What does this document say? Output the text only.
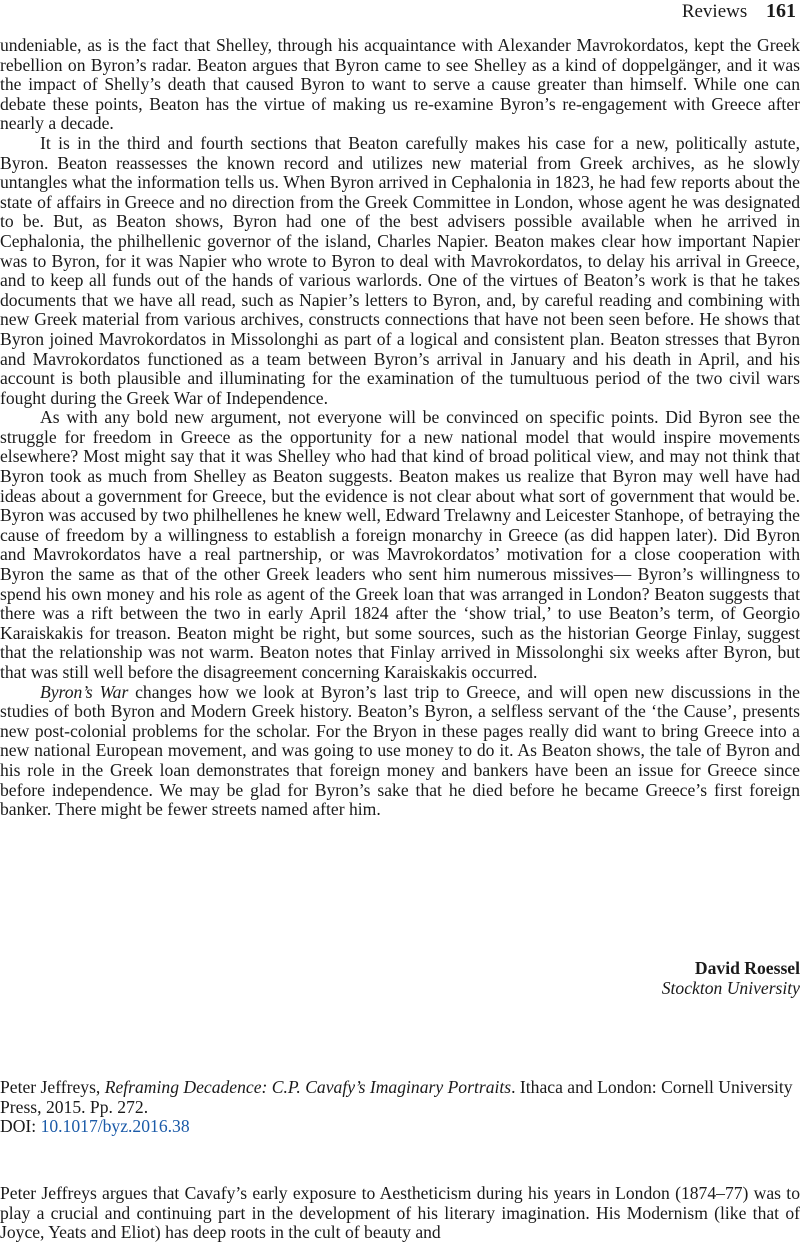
Reviews 161

undeniable, as is the fact that Shelley, through his acquaintance with Alexander Mavrokordatos, kept the Greek rebellion on Byron’s radar. Beaton argues that Byron came to see Shelley as a kind of doppelgänger, and it was the impact of Shelly’s death that caused Byron to want to serve a cause greater than himself. While one can debate these points, Beaton has the virtue of making us re-examine Byron’s re-engagement with Greece after nearly a decade.

It is in the third and fourth sections that Beaton carefully makes his case for a new, politically astute, Byron. Beaton reassesses the known record and utilizes new material from Greek archives, as he slowly untangles what the information tells us. When Byron arrived in Cephalonia in 1823, he had few reports about the state of affairs in Greece and no direction from the Greek Committee in London, whose agent he was designated to be. But, as Beaton shows, Byron had one of the best advisers possible available when he arrived in Cephalonia, the philhellenic governor of the island, Charles Napier. Beaton makes clear how important Napier was to Byron, for it was Napier who wrote to Byron to deal with Mavrokordatos, to delay his arrival in Greece, and to keep all funds out of the hands of various warlords. One of the virtues of Beaton’s work is that he takes documents that we have all read, such as Napier’s letters to Byron, and, by careful reading and combining with new Greek material from various archives, constructs connections that have not been seen before. He shows that Byron joined Mavrokordatos in Missolonghi as part of a logical and consistent plan. Beaton stresses that Byron and Mavrokordatos functioned as a team between Byron’s arrival in January and his death in April, and his account is both plausible and illuminating for the examination of the tumultuous period of the two civil wars fought during the Greek War of Independence.

As with any bold new argument, not everyone will be convinced on specific points. Did Byron see the struggle for freedom in Greece as the opportunity for a new national model that would inspire movements elsewhere? Most might say that it was Shelley who had that kind of broad political view, and may not think that Byron took as much from Shelley as Beaton suggests. Beaton makes us realize that Byron may well have had ideas about a government for Greece, but the evidence is not clear about what sort of government that would be. Byron was accused by two philhellenes he knew well, Edward Trelawny and Leicester Stanhope, of betraying the cause of freedom by a willingness to establish a foreign monarchy in Greece (as did happen later). Did Byron and Mavrokordatos have a real partnership, or was Mavrokordatos’ motivation for a close cooperation with Byron the same as that of the other Greek leaders who sent him numerous missives— Byron’s willingness to spend his own money and his role as agent of the Greek loan that was arranged in London? Beaton suggests that there was a rift between the two in early April 1824 after the ‘show trial,’ to use Beaton’s term, of Georgio Karaiskakis for treason. Beaton might be right, but some sources, such as the historian George Finlay, suggest that the relationship was not warm. Beaton notes that Finlay arrived in Missolonghi six weeks after Byron, but that was still well before the disagreement concerning Karaiskakis occurred.

Byron’s War changes how we look at Byron’s last trip to Greece, and will open new discussions in the studies of both Byron and Modern Greek history. Beaton’s Byron, a selfless servant of the ‘the Cause’, presents new post-colonial problems for the scholar. For the Bryon in these pages really did want to bring Greece into a new national European movement, and was going to use money to do it. As Beaton shows, the tale of Byron and his role in the Greek loan demonstrates that foreign money and bankers have been an issue for Greece since before independence. We may be glad for Byron’s sake that he died before he became Greece’s first foreign banker. There might be fewer streets named after him.

David Roessel
Stockton University
Peter Jeffreys, Reframing Decadence: C.P. Cavafy’s Imaginary Portraits. Ithaca and London: Cornell University Press, 2015. Pp. 272.
DOI: 10.1017/byz.2016.38

Peter Jeffreys argues that Cavafy’s early exposure to Aestheticism during his years in London (1874–77) was to play a crucial and continuing part in the development of his literary imagination. His Modernism (like that of Joyce, Yeats and Eliot) has deep roots in the cult of beauty and
